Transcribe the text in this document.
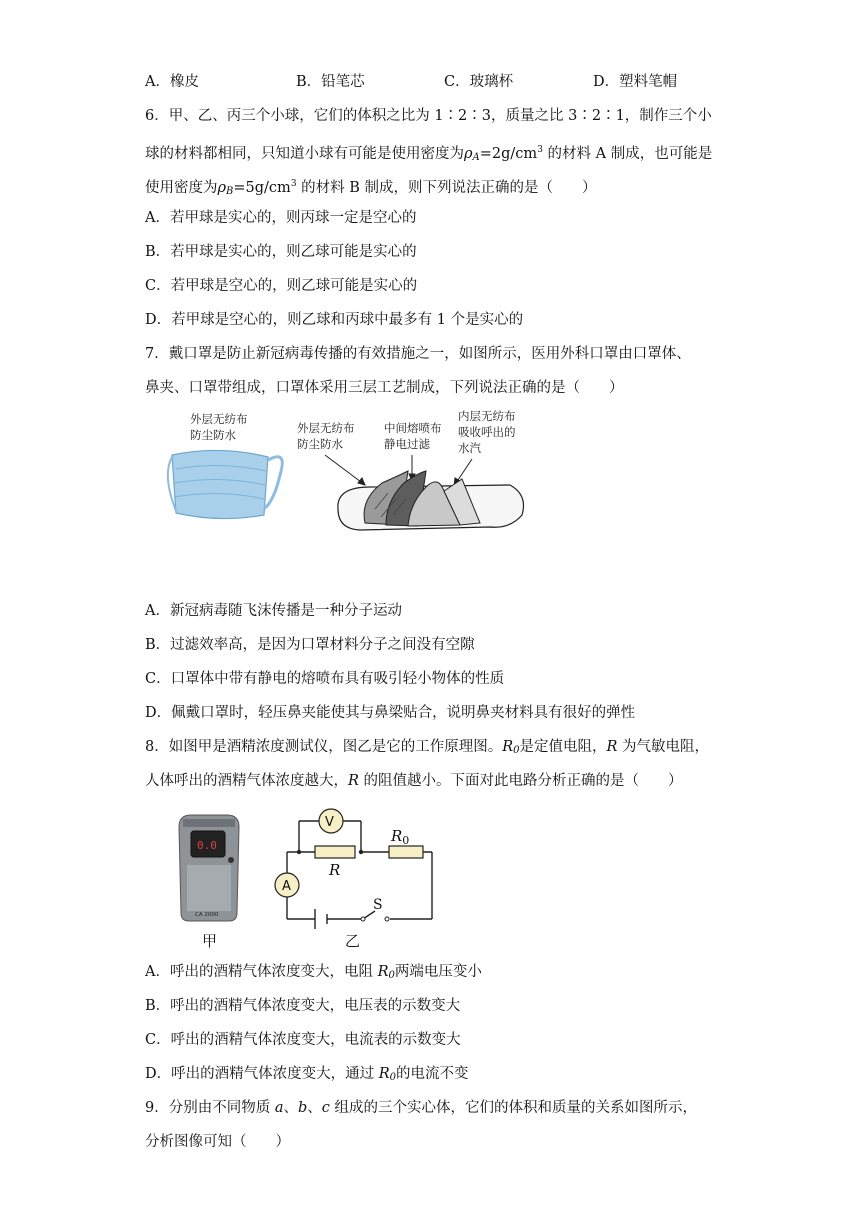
A．橡皮	B．铅笔芯	C．玻璃杯	D．塑料笔帽
6．甲、乙、丙三个小球，它们的体积之比为 1∶2∶3，质量之比 3∶2∶1，制作三个小
球的材料都相同，只知道小球有可能是使用密度为$\rho_A=2g/cm^3$ 的材料 A 制成，也可能是
使用密度为$\rho_B=5g/cm^3$ 的材料 B 制成，则下列说法正确的是（　　）
A．若甲球是实心的，则丙球一定是空心的
B．若甲球是实心的，则乙球可能是实心的
C．若甲球是空心的，则乙球可能是实心的
D．若甲球是空心的，则乙球和丙球中最多有 1 个是实心的
7．戴口罩是防止新冠病毒传播的有效措施之一，如图所示，医用外科口罩由口罩体、
鼻夹、口罩带组成，口罩体采用三层工艺制成，下列说法正确的是（　　）
外层无纺布
防尘防水	外层无纺布
防尘防水
中间熔喷布
静电过滤
内层无纺布
吸收呼出的
水汽
A．新冠病毒随飞沫传播是一种分子运动
B．过滤效率高，是因为口罩材料分子之间没有空隙
C．口罩体中带有静电的熔喷布具有吸引轻小物体的性质
D．佩戴口罩时，轻压鼻夹能使其与鼻梁贴合，说明鼻夹材料具有很好的弹性
8．如图甲是酒精浓度测试仪，图乙是它的工作原理图。$R_0$是定值电阻，R 为气敏电阻，
人体呼出的酒精气体浓度越大，R 的阻值越小。下面对此电路分析正确的是（　　）
0.0
CA 2000
甲
V
A
R
$R_0$
S
乙
A．呼出的酒精气体浓度变大，电阻 $R_0$两端电压变小
B．呼出的酒精气体浓度变大，电压表的示数变大
C．呼出的酒精气体浓度变大，电流表的示数变大
D．呼出的酒精气体浓度变大，通过 $R_0$的电流不变
9．分别由不同物质 a、b、c 组成的三个实心体，它们的体积和质量的关系如图所示，
分析图像可知（　　）
